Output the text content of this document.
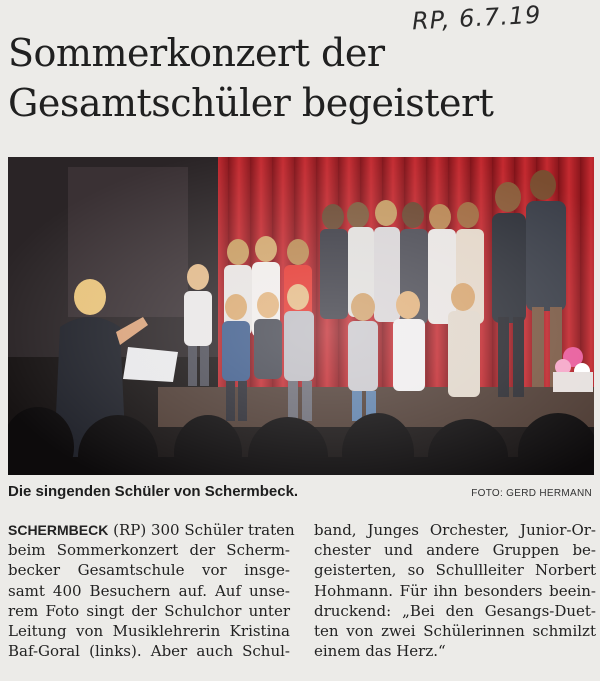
RP, 6.7.19
Sommerkonzert der
Gesamtschüler begeistert
Die singenden Schüler von Schermbeck.	FOTO: GERD HERMANN
SCHERMBECK (RP) 300 Schüler traten
beim Sommerkonzert der Scherm-
becker Gesamtschule vor insge-
samt 400 Besuchern auf. Auf unse-
rem Foto singt der Schulchor unter
Leitung von Musiklehrerin Kristina
Baf-Goral (links). Aber auch Schul-
band, Junges Orchester, Junior-Or-
chester und andere Gruppen be-
geisterten, so Schullleiter Norbert
Hohmann. Für ihn besonders beein-
druckend: „Bei den Gesangs-Duet-
ten von zwei Schülerinnen schmilzt
einem das Herz.“
